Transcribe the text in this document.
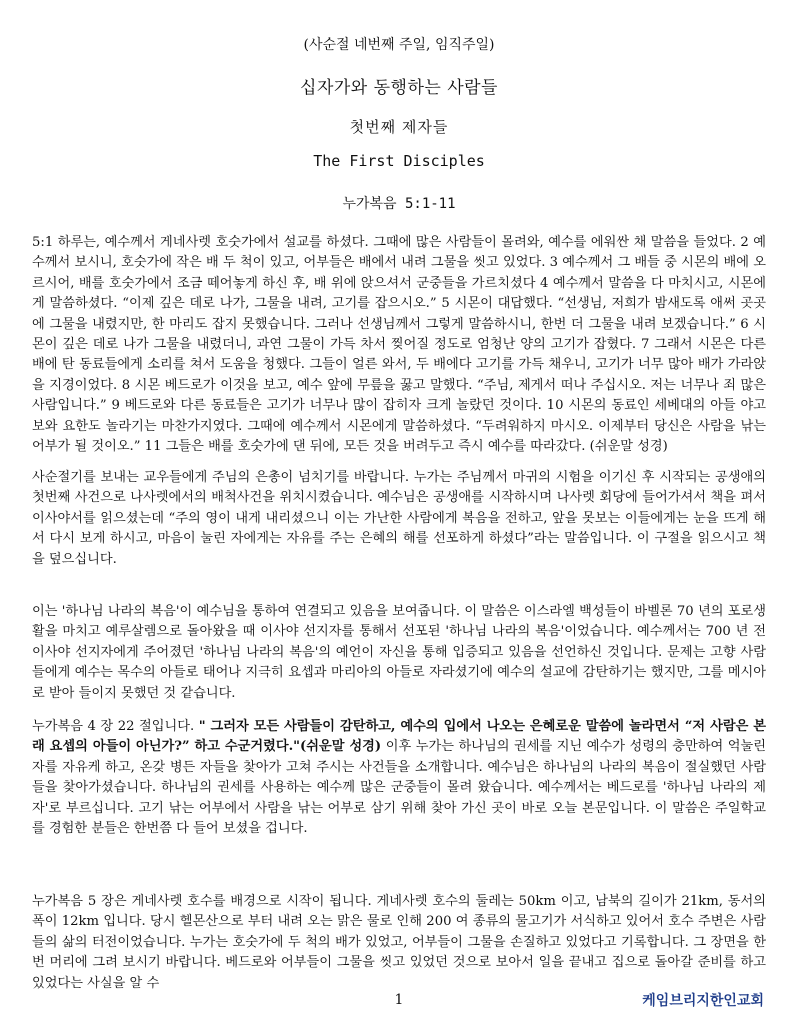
(사순절 네번째 주일, 임직주일)
십자가와 동행하는 사람들
첫번째 제자들
The First Disciples
누가복음 5:1-11

5:1 하루는, 예수께서 게네사렛 호숫가에서 설교를 하셨다. 그때에 많은 사람들이 몰려와, 예수를 에워싼 채 말씀을 들었다. 2 예수께서 보시니, 호숫가에 작은 배 두 척이 있고, 어부들은 배에서 내려 그물을 씻고 있었다. 3 예수께서 그 배들 중 시몬의 배에 오르시어, 배를 호숫가에서 조금 떼어놓게 하신 후, 배 위에 앉으셔서 군중들을 가르치셨다 4 예수께서 말씀을 다 마치시고, 시몬에게 말씀하셨다. “이제 깊은 데로 나가, 그물을 내려, 고기를 잡으시오.” 5 시몬이 대답했다. “선생님, 저희가 밤새도록 애써 곳곳에 그물을 내렸지만, 한 마리도 잡지 못했습니다. 그러나 선생님께서 그렇게 말씀하시니, 한번 더 그물을 내려 보겠습니다.” 6 시몬이 깊은 데로 나가 그물을 내렸더니, 과연 그물이 가득 차서 찢어질 정도로 엄청난 양의 고기가 잡혔다. 7 그래서 시몬은 다른 배에 탄 동료들에게 소리를 쳐서 도움을 청했다. 그들이 얼른 와서, 두 배에다 고기를 가득 채우니, 고기가 너무 많아 배가 가라앉을 지경이었다. 8 시몬 베드로가 이것을 보고, 예수 앞에 무릎을 꿇고 말했다. “주님, 제게서 떠나 주십시오. 저는 너무나 죄 많은 사람입니다.” 9 베드로와 다른 동료들은 고기가 너무나 많이 잡히자 크게 놀랐던 것이다. 10 시몬의 동료인 세베대의 아들 야고보와 요한도 놀라기는 마찬가지였다. 그때에 예수께서 시몬에게 말씀하셨다. “두려워하지 마시오. 이제부터 당신은 사람을 낚는 어부가 될 것이오.” 11 그들은 배를 호숫가에 댄 뒤에, 모든 것을 버려두고 즉시 예수를 따라갔다. (쉬운말 성경)

사순절기를 보내는 교우들에게 주님의 은총이 넘치기를 바랍니다. 누가는 주님께서 마귀의 시험을 이기신 후 시작되는 공생애의 첫번째 사건으로 나사렛에서의 배척사건을 위치시켰습니다. 예수님은 공생애를 시작하시며 나사렛 회당에 들어가셔서 책을 펴서 이사야서를 읽으셨는데 “주의 영이 내게 내리셨으니 이는 가난한 사람에게 복음을 전하고, 앞을 못보는 이들에게는 눈을 뜨게 해서 다시 보게 하시고, 마음이 눌린 자에게는 자유를 주는 은혜의 해를 선포하게 하셨다”라는 말씀입니다. 이 구절을 읽으시고 책을 덮으십니다.

이는 '하나님 나라의 복음'이 예수님을 통하여 연결되고 있음을 보여줍니다. 이 말씀은 이스라엘 백성들이 바벨론 70 년의 포로생활을 마치고 예루살렘으로 돌아왔을 때 이사야 선지자를 통해서 선포된 '하나님 나라의 복음'이었습니다. 예수께서는 700 년 전 이사야 선지자에게 주어졌던 '하나님 나라의 복음'의 예언이 자신을 통해 입증되고 있음을 선언하신 것입니다. 문제는 고향 사람들에게 예수는 목수의 아들로 태어나 지극히 요셉과 마리아의 아들로 자라셨기에 예수의 설교에 감탄하기는 했지만, 그를 메시아로 받아 들이지 못했던 것 같습니다.

누가복음 4 장 22 절입니다. " 그러자 모든 사람들이 감탄하고, 예수의 입에서 나오는 은혜로운 말씀에 놀라면서 “저 사람은 본래 요셉의 아들이 아닌가?” 하고 수군거렸다."(쉬운말 성경) 이후 누가는 하나님의 권세를 지닌 예수가 성령의 충만하여 억눌린 자를 자유케 하고, 온갖 병든 자들을 찾아가 고쳐 주시는 사건들을 소개합니다. 예수님은 하나님의 나라의 복음이 절실했던 사람들을 찾아가셨습니다. 하나님의 권세를 사용하는 예수께 많은 군중들이 몰려 왔습니다. 예수께서는 베드로를 '하나님 나라의 제자'로 부르십니다. 고기 낚는 어부에서 사람을 낚는 어부로 삼기 위해 찾아 가신 곳이 바로 오늘 본문입니다. 이 말씀은 주일학교를 경험한 분들은 한번쯤 다 들어 보셨을 겁니다.

누가복음 5 장은 게네사렛 호수를 배경으로 시작이 됩니다. 게네사렛 호수의 둘레는 50km 이고, 남북의 길이가 21km, 동서의 폭이 12km 입니다. 당시 헬몬산으로 부터 내려 오는 맑은 물로 인해 200 여 종류의 물고기가 서식하고 있어서 호수 주변은 사람들의 삶의 터전이었습니다. 누가는 호숫가에 두 척의 배가 있었고, 어부들이 그물을 손질하고 있었다고 기록합니다. 그 장면을 한번 머리에 그려 보시기 바랍니다. 베드로와 어부들이 그물을 씻고 있었던 것으로 보아서 일을 끝내고 집으로 돌아갈 준비를 하고 있었다는 사실을 알 수

1	케임브리지한인교회
